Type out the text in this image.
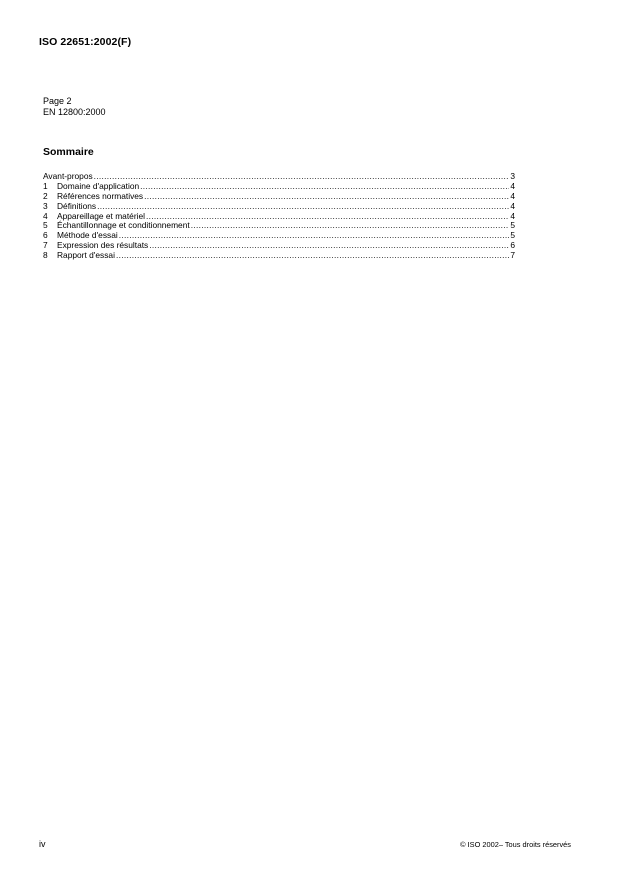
ISO 22651:2002(F)
Page 2
EN 12800:2000
Sommaire
Avant-propos .....	3
1	Domaine d'application .....	4
2	Références normatives .....	4
3	Définitions .....	4
4	Appareillage et matériel .....	4
5	Échantillonnage et conditionnement .....	5
6	Méthode d'essai .....	5
7	Expression des résultats .....	6
8	Rapport d'essai .....	7
iv	© ISO 2002– Tous droits réservés
